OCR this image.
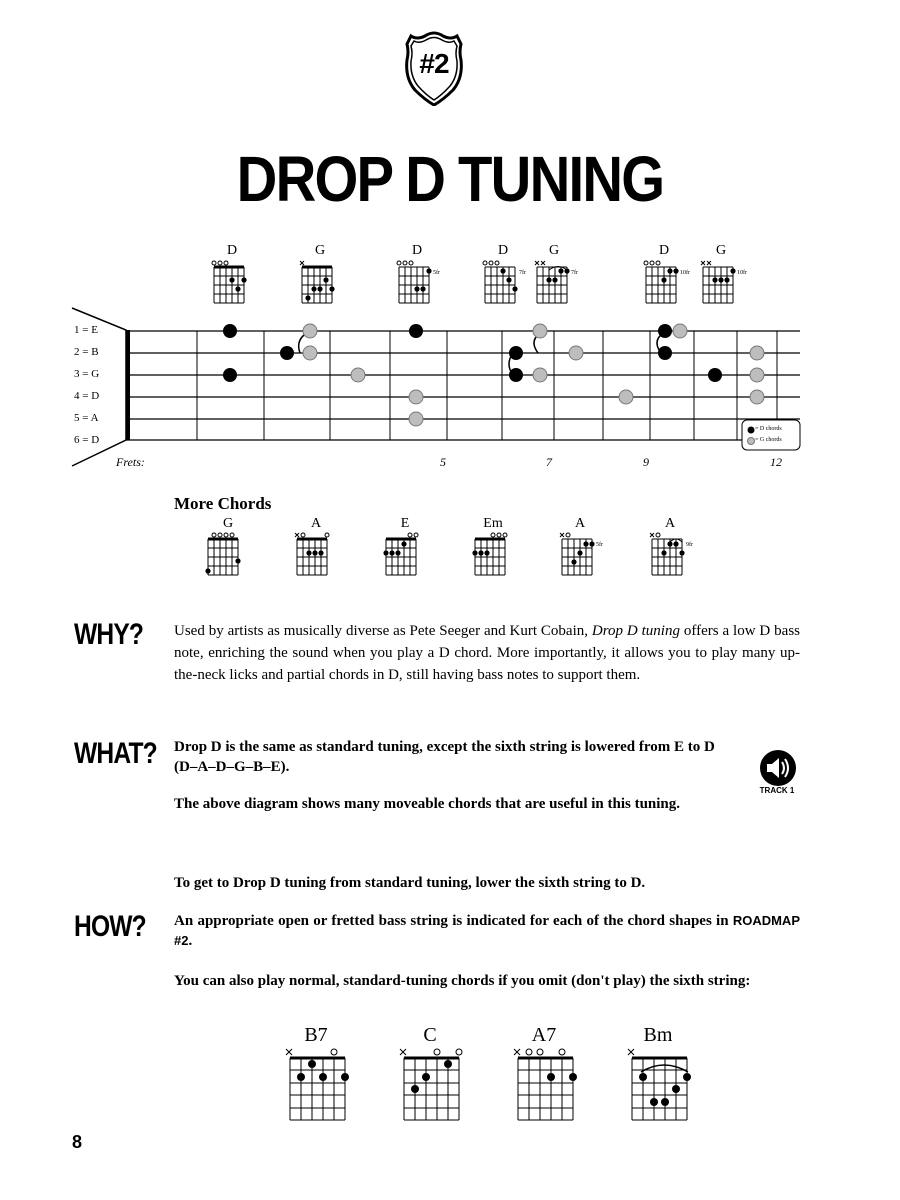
#2
DROP D TUNING
D	G	D	D	G	D	G
5fr	7fr	7fr	10fr	10fr
= D chords
= G chords
1 = E
2 = B
3 = G
4 = D
5 = A
6 = D
Frets:	5	7	9	12
More Chords
G	A	E	Em	A	A
5fr	9fr
WHY? Used by artists as musically diverse as Pete Seeger and Kurt Cobain, Drop D tuning offers a low D bass note, enriching the sound when you play a D chord. More importantly, it allows you to play many up-the-neck licks and partial chords in D, still having bass notes to support them.
WHAT? Drop D is the same as standard tuning, except the sixth string is lowered from E to D (D–A–D–G–B–E).
The above diagram shows many moveable chords that are useful in this tuning.
TRACK 1
To get to Drop D tuning from standard tuning, lower the sixth string to D.
HOW? An appropriate open or fretted bass string is indicated for each of the chord shapes in ROADMAP #2.
You can also play normal, standard-tuning chords if you omit (don't play) the sixth string:
B7	C	A7	Bm
8
